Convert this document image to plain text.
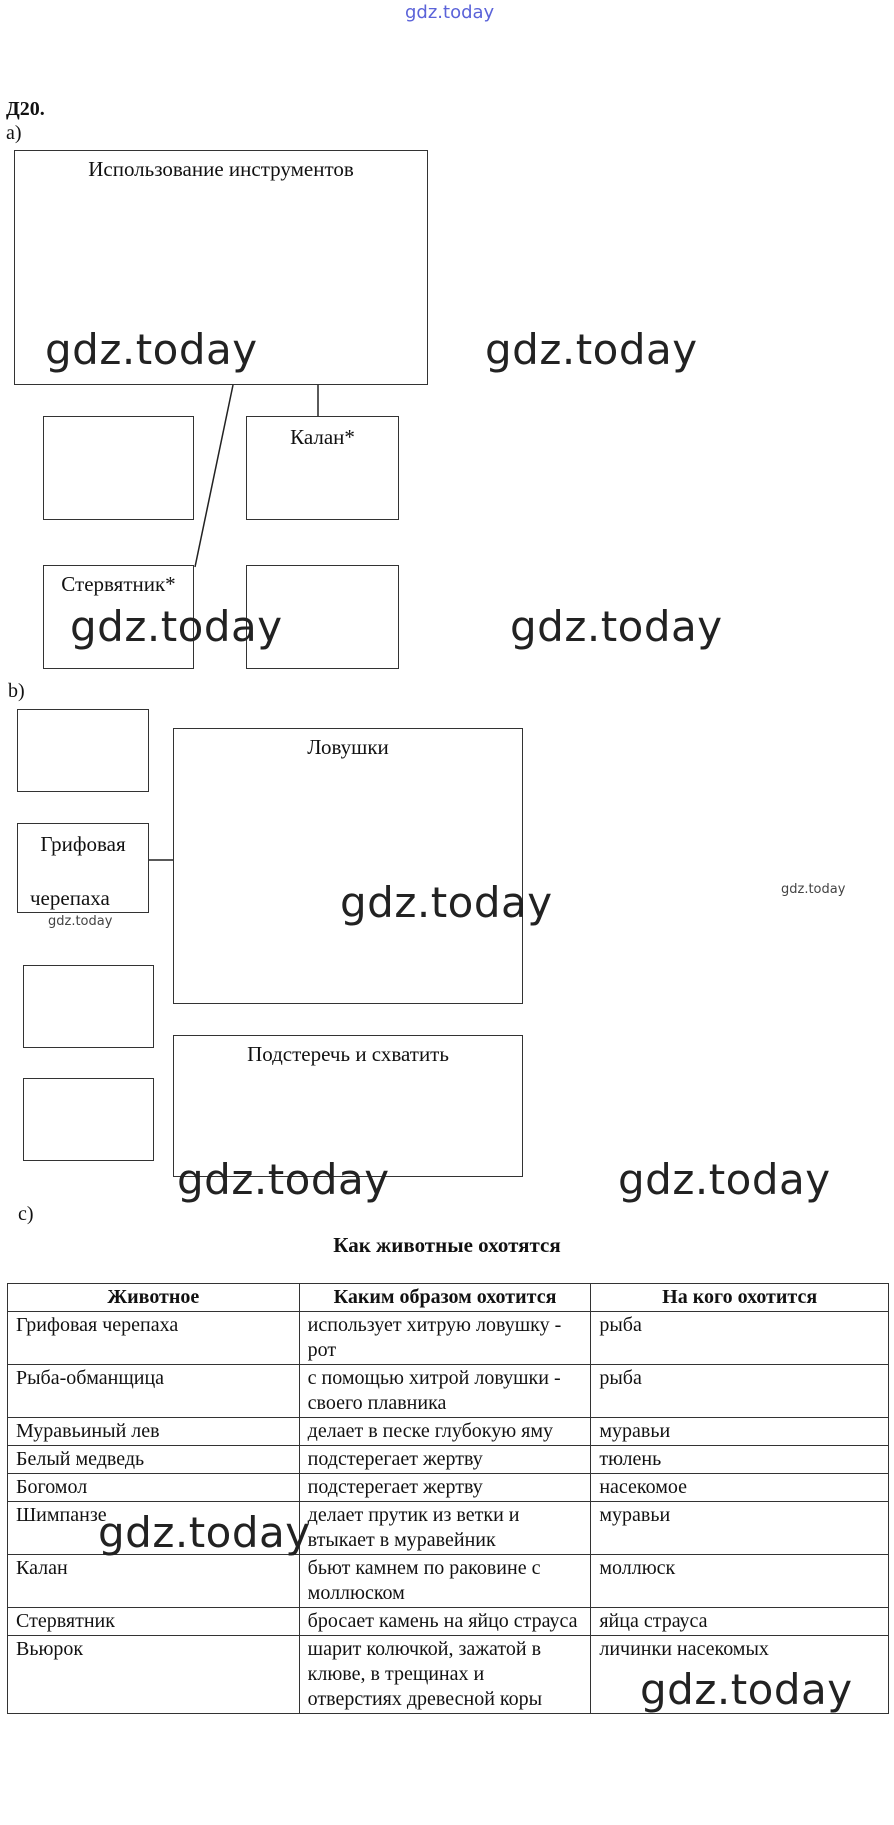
gdz.today
Д20.
a)
Использование инструментов
Калан*
Стервятник*
gdz.today	gdz.today
gdz.today	gdz.today
b)
Ловушки
Грифовая
черепаха
gdz.today
gdz.today
Подстеречь и схватить
gdz.today
gdz.today	gdz.today
c)
Как животные охотятся
Животное	Каким образом охотится	На кого охотится
Грифовая черепаха	использует хитрую ловушку - рот	рыба
Рыба-обманщица	с помощью хитрой ловушки - своего плавника	рыба
Муравьиный лев	делает в песке глубокую яму	муравьи
Белый медведь	подстерегает жертву	тюлень
Богомол	подстерегает жертву	насекомое
Шимпанзе	делает прутик из ветки и втыкает в муравейник	муравьи
Калан	бьют камнем по раковине с моллюском	моллюск
Стервятник	бросает камень на яйцо страуса	яйца страуса
Вьюрок	шарит колючкой, зажатой в клюве, в трещинах и отверстиях древесной коры	личинки насекомых
gdz.today
gdz.today
